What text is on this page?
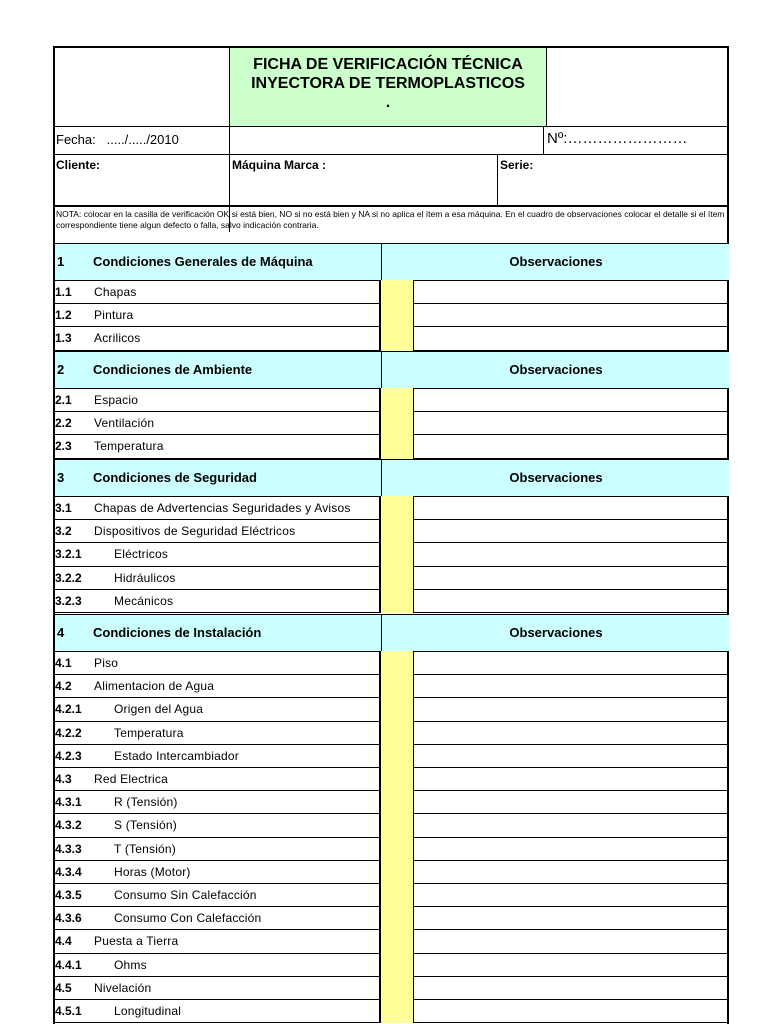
FICHA DE VERIFICACIÓN TÉCNICA
INYECTORA DE TERMOPLASTICOS
.
Fecha: ...../...../2010	Nº:……………………
Cliente:	Máquina Marca :	Serie:
NOTA: colocar en la casilla de verificación OK si está bien, NO si no está bien y NA si no aplica el ítem a esa máquina. En el cuadro de observaciones colocar el detalle si el ítem correspondiente tiene algun defecto o falla, salvo indicación contraria.
1 Condiciones Generales de Máquina	Observaciones
1.1 Chapas
1.2 Pintura
1.3 Acrilicos
2 Condiciones de Ambiente	Observaciones
2.1 Espacio
2.2 Ventilación
2.3 Temperatura
3 Condiciones de Seguridad	Observaciones
3.1 Chapas de Advertencias Seguridades y Avisos
3.2 Dispositivos de Seguridad Eléctricos
3.2.1	Eléctricos
3.2.2	Hidráulicos
3.2.3	Mecánicos
4 Condiciones de Instalación	Observaciones
4.1 Piso
4.2 Alimentacion de Agua
4.2.1	Origen del Agua
4.2.2	Temperatura
4.2.3	Estado Intercambiador
4.3 Red Electrica
4.3.1	R (Tensión)
4.3.2	S (Tensión)
4.3.3	T (Tensión)
4.3.4	Horas (Motor)
4.3.5	Consumo Sin Calefacción
4.3.6	Consumo Con Calefacción
4.4 Puesta a Tierra
4.4.1	Ohms
4.5 Nivelación
4.5.1	Longitudinal
